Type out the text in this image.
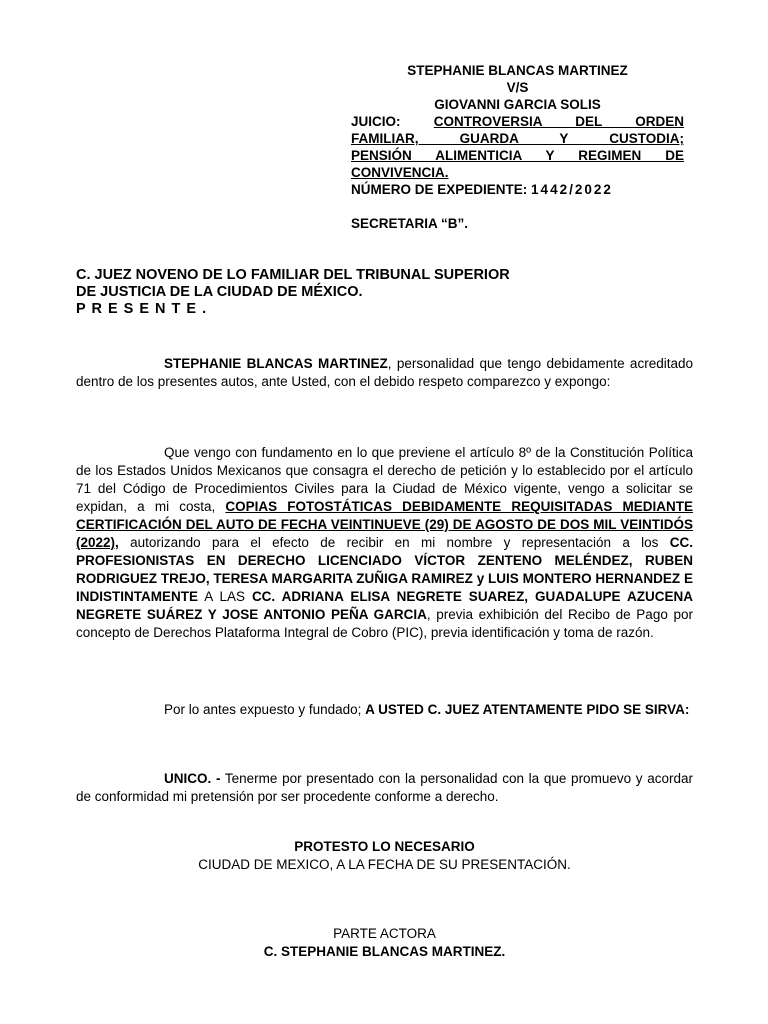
STEPHANIE BLANCAS MARTINEZ
V/S
GIOVANNI GARCIA SOLIS
JUICIO: CONTROVERSIA DEL ORDEN
FAMILIAR, GUARDA Y CUSTODIA;
PENSIÓN ALIMENTICIA Y REGIMEN DE
CONVIVENCIA.
NÚMERO DE EXPEDIENTE: 1442/2022
SECRETARIA “B”.
C. JUEZ NOVENO DE LO FAMILIAR DEL TRIBUNAL SUPERIOR
DE JUSTICIA DE LA CIUDAD DE MÉXICO.
P R E S E N T E .
STEPHANIE BLANCAS MARTINEZ, personalidad que tengo debidamente acreditado dentro de los presentes autos, ante Usted, con el debido respeto comparezco y expongo:
Que vengo con fundamento en lo que previene el artículo 8º de la Constitución Política de los Estados Unidos Mexicanos que consagra el derecho de petición y lo establecido por el artículo 71 del Código de Procedimientos Civiles para la Ciudad de México vigente, vengo a solicitar se expidan, a mi costa, COPIAS FOTOSTÁTICAS DEBIDAMENTE REQUISITADAS MEDIANTE CERTIFICACIÓN DEL AUTO DE FECHA VEINTINUEVE (29) DE AGOSTO DE DOS MIL VEINTIDÓS (2022), autorizando para el efecto de recibir en mi nombre y representación a los CC. PROFESIONISTAS EN DERECHO LICENCIADO VÍCTOR ZENTENO MELÉNDEZ, RUBEN RODRIGUEZ TREJO, TERESA MARGARITA ZUÑIGA RAMIREZ y LUIS MONTERO HERNANDEZ E INDISTINTAMENTE A LAS CC. ADRIANA ELISA NEGRETE SUAREZ, GUADALUPE AZUCENA NEGRETE SUÁREZ Y JOSE ANTONIO PEÑA GARCIA, previa exhibición del Recibo de Pago por concepto de Derechos Plataforma Integral de Cobro (PIC), previa identificación y toma de razón.
Por lo antes expuesto y fundado; A USTED C. JUEZ ATENTAMENTE PIDO SE SIRVA:
UNICO. - Tenerme por presentado con la personalidad con la que promuevo y acordar de conformidad mi pretensión por ser procedente conforme a derecho.
PROTESTO LO NECESARIO
CIUDAD DE MEXICO, A LA FECHA DE SU PRESENTACIÓN.
PARTE ACTORA
C. STEPHANIE BLANCAS MARTINEZ.
